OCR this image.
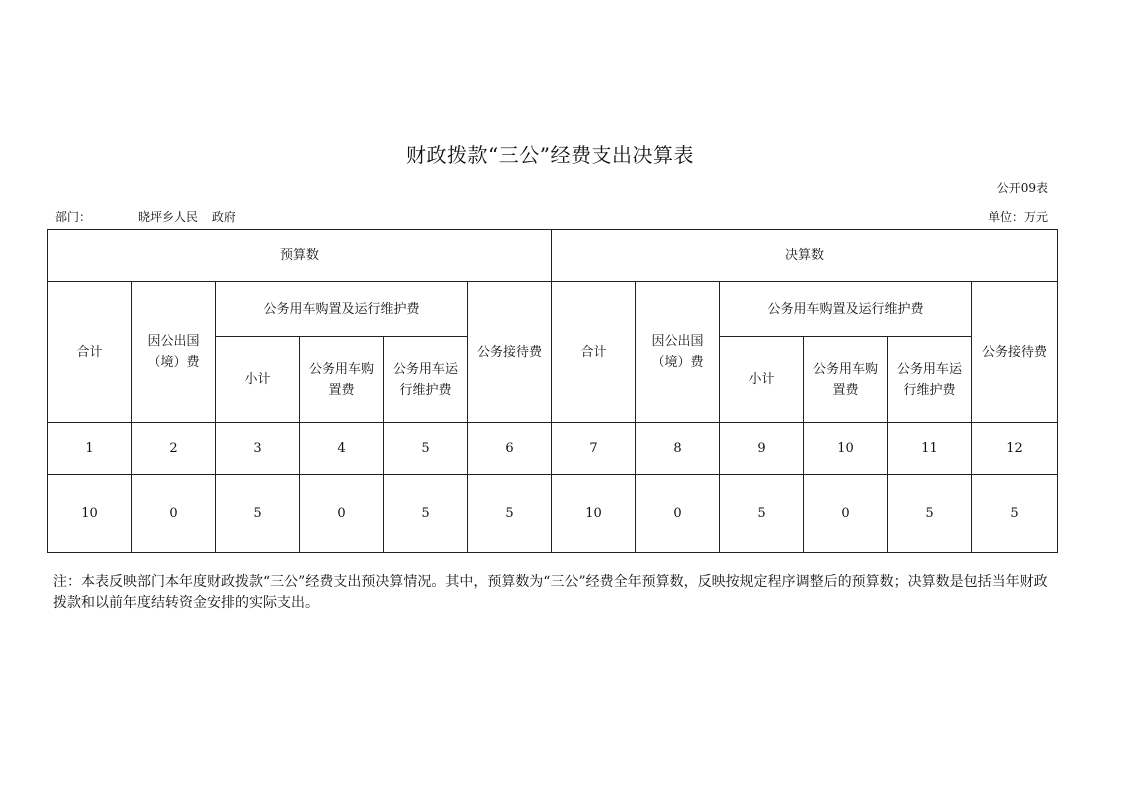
财政拨款“三公”经费支出决算表
公开09表
部门：	晓坪乡人民 政府	单位：万元
预算数						决算数					
合计	因公出国（境）费	公务用车购置及运行维护费			公务接待费	合计	因公出国（境）费	公务用车购置及运行维护费			公务接待费
		小计	公务用车购置费	公务用车运行维护费				小计	公务用车购置费	公务用车运行维护费	
1	2	3	4	5	6	7	8	9	10	11	12
10	0	5	0	5	5	10	0	5	0	5	5
注：本表反映部门本年度财政拨款“三公”经费支出预决算情况。其中，预算数为“三公”经费全年预算数，反映按规定程序调整后的预算数；决算数是包括当年财政拨款和以前年度结转资金安排的实际支出。
